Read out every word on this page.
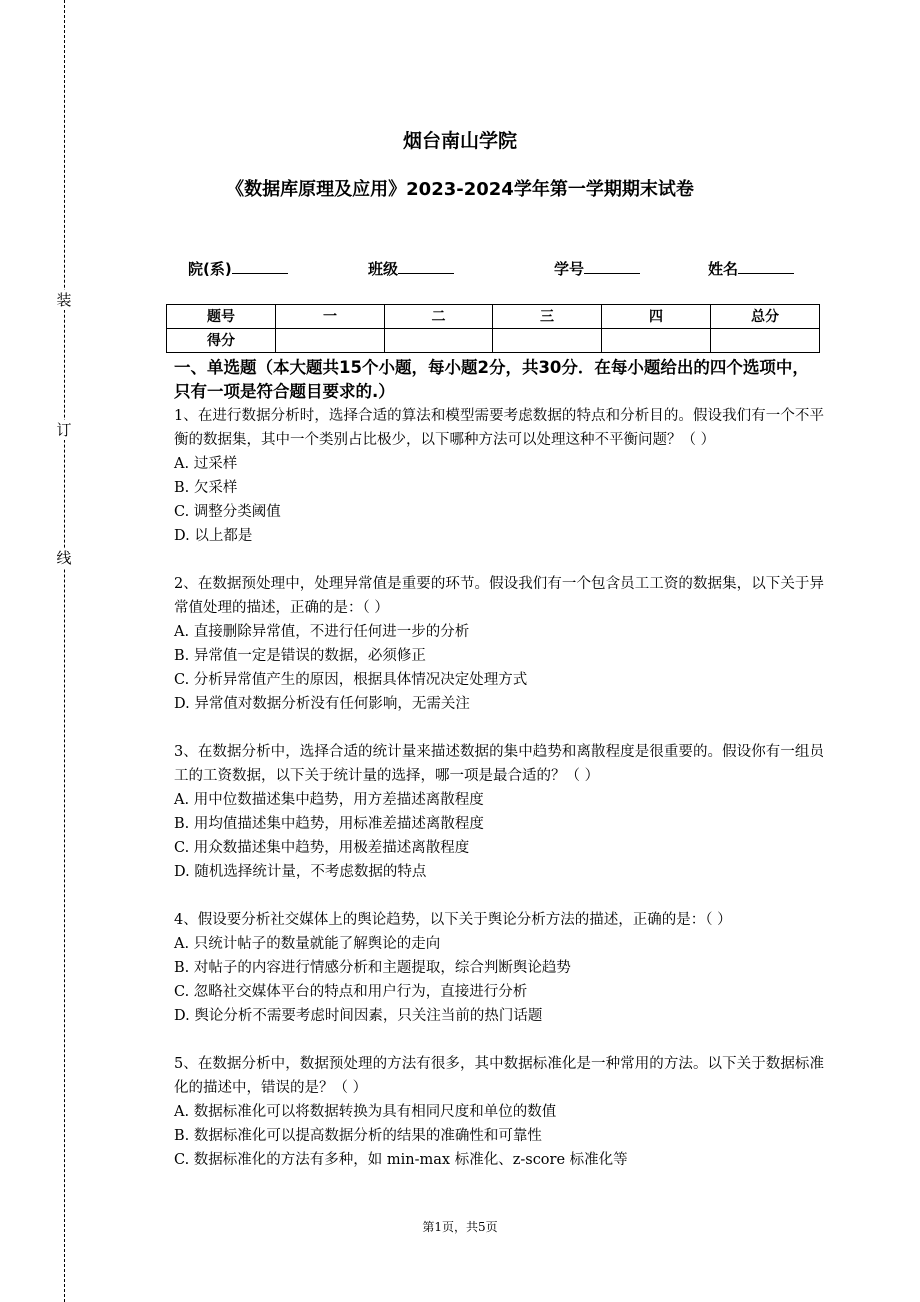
装
订
线
烟台南山学院
《数据库原理及应用》2023-2024学年第一学期期末试卷
院(系)	班级	学号	姓名
题号	一	二	三	四	总分
得分					
一、单选题（本大题共15个小题，每小题2分，共30分．在每小题给出的四个选项中，只有一项是符合题目要求的.）
1、在进行数据分析时，选择合适的算法和模型需要考虑数据的特点和分析目的。假设我们有一个不平衡的数据集，其中一个类别占比极少，以下哪种方法可以处理这种不平衡问题？（ ）
A. 过采样
B. 欠采样
C. 调整分类阈值
D. 以上都是
2、在数据预处理中，处理异常值是重要的环节。假设我们有一个包含员工工资的数据集，以下关于异常值处理的描述，正确的是：（ ）
A. 直接删除异常值，不进行任何进一步的分析
B. 异常值一定是错误的数据，必须修正
C. 分析异常值产生的原因，根据具体情况决定处理方式
D. 异常值对数据分析没有任何影响，无需关注
3、在数据分析中，选择合适的统计量来描述数据的集中趋势和离散程度是很重要的。假设你有一组员工的工资数据，以下关于统计量的选择，哪一项是最合适的？（ ）
A. 用中位数描述集中趋势，用方差描述离散程度
B. 用均值描述集中趋势，用标准差描述离散程度
C. 用众数描述集中趋势，用极差描述离散程度
D. 随机选择统计量，不考虑数据的特点
4、假设要分析社交媒体上的舆论趋势，以下关于舆论分析方法的描述，正确的是：（ ）
A. 只统计帖子的数量就能了解舆论的走向
B. 对帖子的内容进行情感分析和主题提取，综合判断舆论趋势
C. 忽略社交媒体平台的特点和用户行为，直接进行分析
D. 舆论分析不需要考虑时间因素，只关注当前的热门话题
5、在数据分析中，数据预处理的方法有很多，其中数据标准化是一种常用的方法。以下关于数据标准化的描述中，错误的是？（ ）
A. 数据标准化可以将数据转换为具有相同尺度和单位的数值
B. 数据标准化可以提高数据分析的结果的准确性和可靠性
C. 数据标准化的方法有多种，如 min-max 标准化、z-score 标准化等
第1页，共5页
